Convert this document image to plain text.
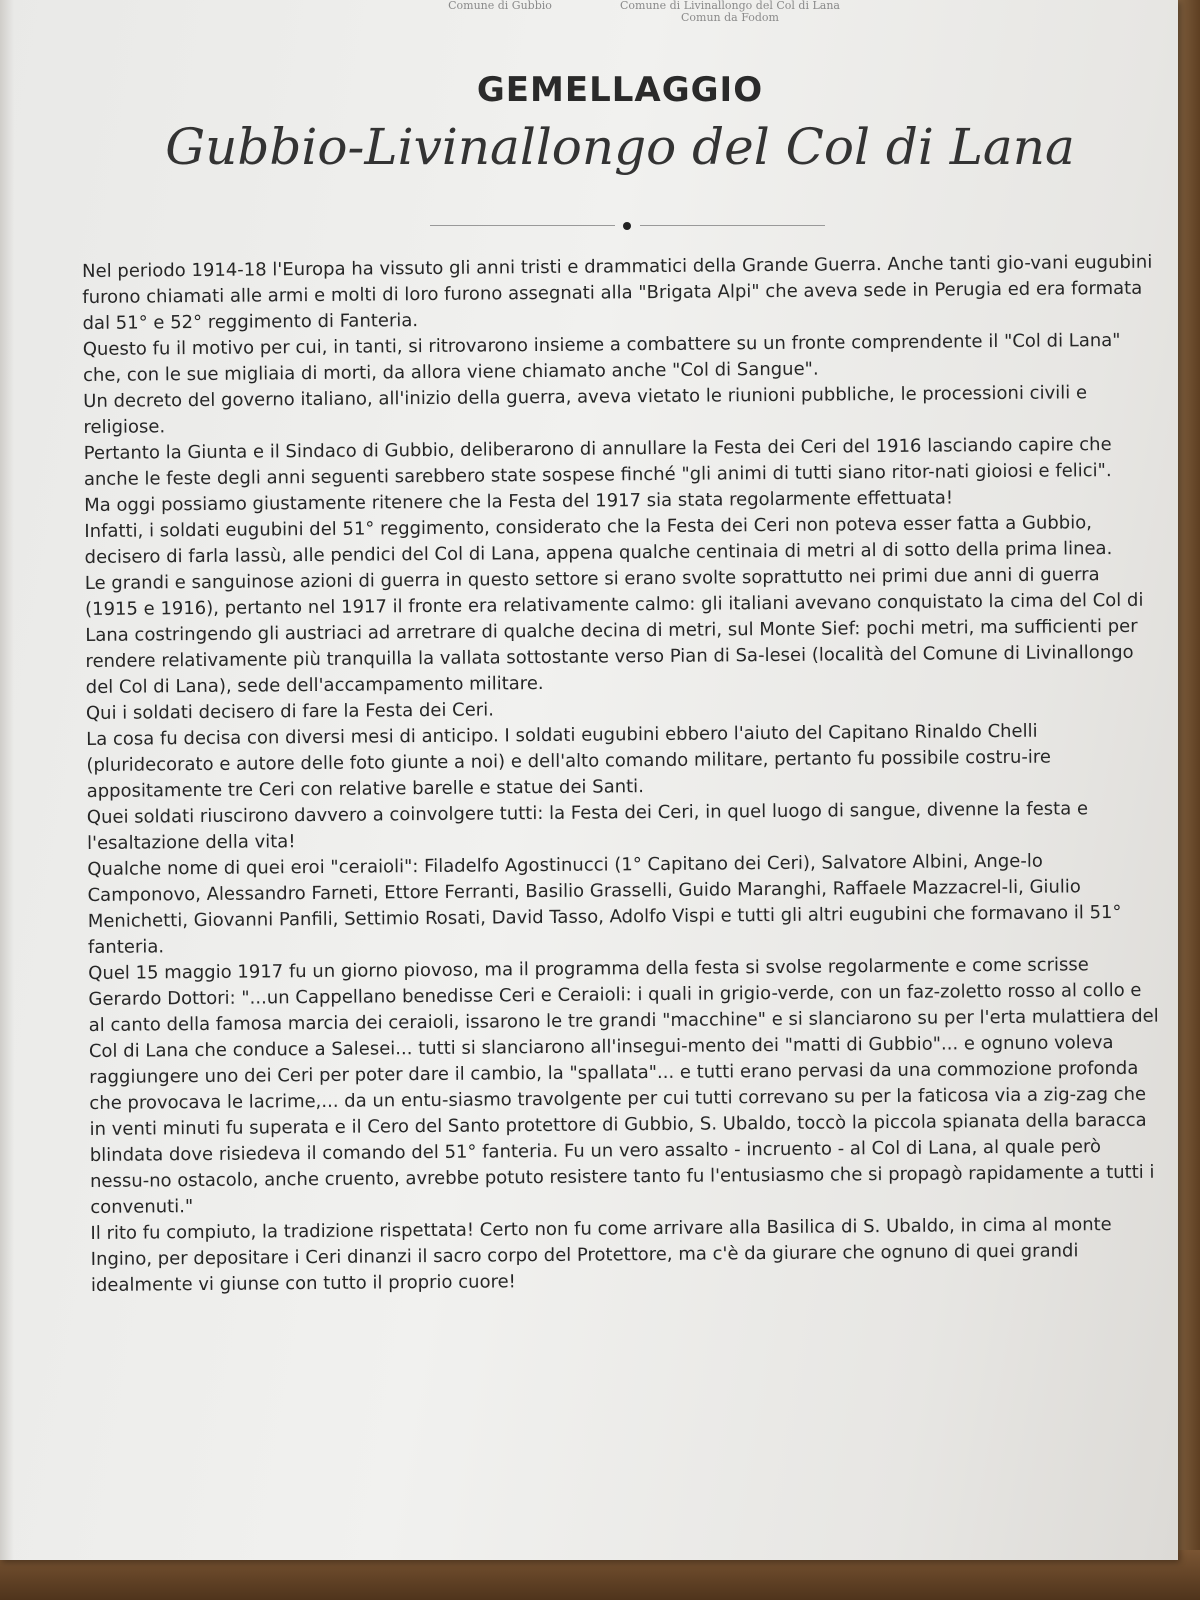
Comune di Gubbio	Comune di Livinallongo del Col di Lana
Comun da Fodom
GEMELLAGGIO
Gubbio-Livinallongo del Col di Lana

Nel periodo 1914-18 l'Europa ha vissuto gli anni tristi e drammatici della Grande Guerra. Anche tanti gio-vani eugubini furono chiamati alle armi e molti di loro furono assegnati alla "Brigata Alpi" che aveva sede in Perugia ed era formata dal 51° e 52° reggimento di Fanteria.

Questo fu il motivo per cui, in tanti, si ritrovarono insieme a combattere su un fronte comprendente il "Col di Lana" che, con le sue migliaia di morti, da allora viene chiamato anche "Col di Sangue".

Un decreto del governo italiano, all'inizio della guerra, aveva vietato le riunioni pubbliche, le processioni civili e religiose.

Pertanto la Giunta e il Sindaco di Gubbio, deliberarono di annullare la Festa dei Ceri del 1916 lasciando capire che anche le feste degli anni seguenti sarebbero state sospese finché "gli animi di tutti siano ritor-nati gioiosi e felici".

Ma oggi possiamo giustamente ritenere che la Festa del 1917 sia stata regolarmente effettuata!

Infatti, i soldati eugubini del 51° reggimento, considerato che la Festa dei Ceri non poteva esser fatta a Gubbio, decisero di farla lassù, alle pendici del Col di Lana, appena qualche centinaia di metri al di sotto della prima linea.

Le grandi e sanguinose azioni di guerra in questo settore si erano svolte soprattutto nei primi due anni di guerra (1915 e 1916), pertanto nel 1917 il fronte era relativamente calmo: gli italiani avevano conquistato la cima del Col di Lana costringendo gli austriaci ad arretrare di qualche decina di metri, sul Monte Sief: pochi metri, ma sufficienti per rendere relativamente più tranquilla la vallata sottostante verso Pian di Sa-lesei (località del Comune di Livinallongo del Col di Lana), sede dell'accampamento militare.

Qui i soldati decisero di fare la Festa dei Ceri.

La cosa fu decisa con diversi mesi di anticipo. I soldati eugubini ebbero l'aiuto del Capitano Rinaldo Chelli (pluridecorato e autore delle foto giunte a noi) e dell'alto comando militare, pertanto fu possibile costru-ire appositamente tre Ceri con relative barelle e statue dei Santi.

Quei soldati riuscirono davvero a coinvolgere tutti: la Festa dei Ceri, in quel luogo di sangue, divenne la festa e l'esaltazione della vita!

Qualche nome di quei eroi "ceraioli": Filadelfo Agostinucci (1° Capitano dei Ceri), Salvatore Albini, Ange-lo Camponovo, Alessandro Farneti, Ettore Ferranti, Basilio Grasselli, Guido Maranghi, Raffaele Mazzacrel-li, Giulio Menichetti, Giovanni Panfili, Settimio Rosati, David Tasso, Adolfo Vispi e tutti gli altri eugubini che formavano il 51° fanteria.

Quel 15 maggio 1917 fu un giorno piovoso, ma il programma della festa si svolse regolarmente e come scrisse Gerardo Dottori: "...un Cappellano benedisse Ceri e Ceraioli: i quali in grigio-verde, con un faz-zoletto rosso al collo e al canto della famosa marcia dei ceraioli, issarono le tre grandi "macchine" e si slanciarono su per l'erta mulattiera del Col di Lana che conduce a Salesei... tutti si slanciarono all'insegui-mento dei "matti di Gubbio"... e ognuno voleva raggiungere uno dei Ceri per poter dare il cambio, la "spallata"... e tutti erano pervasi da una commozione profonda che provocava le lacrime,... da un entu-siasmo travolgente per cui tutti correvano su per la faticosa via a zig-zag che in venti minuti fu superata e il Cero del Santo protettore di Gubbio, S. Ubaldo, toccò la piccola spianata della baracca blindata dove risiedeva il comando del 51° fanteria. Fu un vero assalto - incruento - al Col di Lana, al quale però nessu-no ostacolo, anche cruento, avrebbe potuto resistere tanto fu l'entusiasmo che si propagò rapidamente a tutti i convenuti."

Il rito fu compiuto, la tradizione rispettata! Certo non fu come arrivare alla Basilica di S. Ubaldo, in cima al monte Ingino, per depositare i Ceri dinanzi il sacro corpo del Protettore, ma c'è da giurare che ognuno di quei grandi idealmente vi giunse con tutto il proprio cuore!
